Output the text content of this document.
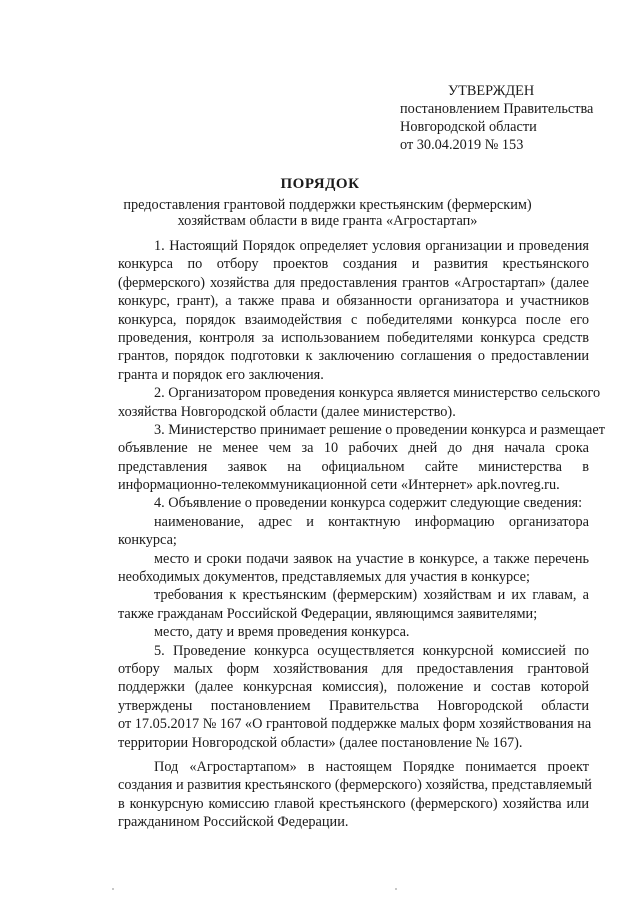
УТВЕРЖДЕН
постановлением Правительства
Новгородской области
от 30.04.2019 № 153
ПОРЯДОК
предоставления грантовой поддержки крестьянским (фермерским)
хозяйствам области в виде гранта «Агростартап»
1. Настоящий Порядок определяет условия организации и проведения
конкурса по отбору проектов создания и развития крестьянского
(фермерского) хозяйства для предоставления грантов «Агростартап» (далее
конкурс, грант), а также права и обязанности организатора и участников
конкурса, порядок взаимодействия с победителями конкурса после его
проведения, контроля за использованием победителями конкурса средств
грантов, порядок подготовки к заключению соглашения о предоставлении
гранта и порядок его заключения.
2. Организатором проведения конкурса является министерство сельского
хозяйства Новгородской области (далее министерство).
3. Министерство принимает решение о проведении конкурса и размещает
объявление не менее чем за 10 рабочих дней до дня начала срока
представления заявок на официальном сайте министерства в
информационно-телекоммуникационной сети «Интернет» apk.novreg.ru.
4. Объявление о проведении конкурса содержит следующие сведения:
наименование, адрес и контактную информацию организатора
конкурса;
место и сроки подачи заявок на участие в конкурсе, а также перечень
необходимых документов, представляемых для участия в конкурсе;
требования к крестьянским (фермерским) хозяйствам и их главам, а
также гражданам Российской Федерации, являющимся заявителями;
место, дату и время проведения конкурса.
5. Проведение конкурса осуществляется конкурсной комиссией по
отбору малых форм хозяйствования для предоставления грантовой
поддержки (далее конкурсная комиссия), положение и состав которой
утверждены постановлением Правительства Новгородской области
от 17.05.2017 № 167 «О грантовой поддержке малых форм хозяйствования на
территории Новгородской области» (далее постановление № 167).
Под «Агростартапом» в настоящем Порядке понимается проект
создания и развития крестьянского (фермерского) хозяйства, представляемый
в конкурсную комиссию главой крестьянского (фермерского) хозяйства или
гражданином Российской Федерации.
